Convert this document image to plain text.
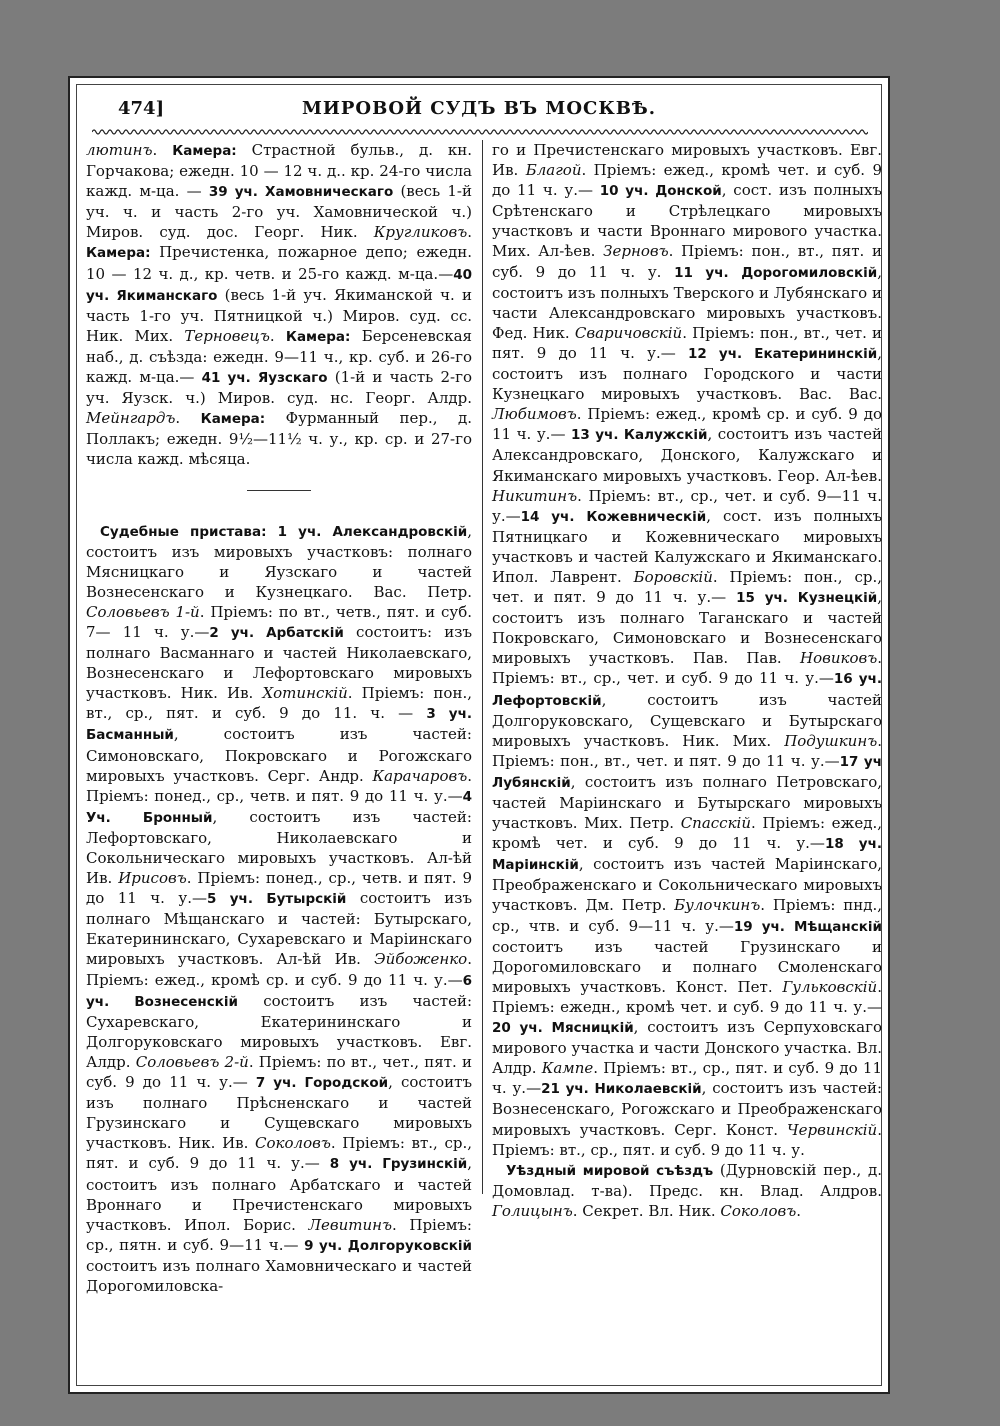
474]	МИРОВОЙ СУДЪ ВЪ МОСКВѢ.

лютинъ. Камера: Страстной бульв., д. кн. Горчакова; ежедн. 10 — 12 ч. д.. кр. 24-го числа кажд. м-ца. — 39 уч. Хамовническаго (весь 1-й уч. ч. и часть 2-го уч. Хамовнической ч.) Миров. суд. дос. Георг. Ник. Кругликовъ. Камера: Пречистенка, пожарное депо; ежедн. 10 — 12 ч. д., кр. четв. и 25-го кажд. м-ца.—40 уч. Якиманскаго (весь 1-й уч. Якиманской ч. и часть 1-го уч. Пятницкой ч.) Миров. суд. сс. Ник. Мих. Терновецъ. Камера: Берсеневская наб., д. съѣзда: ежедн. 9—11 ч., кр. суб. и 26-го кажд. м-ца.— 41 уч. Яузскаго (1-й и часть 2-го уч. Яузск. ч.) Миров. суд. нс. Георг. Алдр. Мейнгардъ. Камера: Фурманный пер., д. Поллакъ; ежедн. 9½—11½ ч. у., кр. ср. и 27-го числа кажд. мѣсяца.

Судебные пристава: 1 уч. Александровскій, состоитъ изъ мировыхъ участковъ: полнаго Мясницкаго и Яузскаго и частей Вознесенскаго и Кузнецкаго. Вас. Петр. Соловьевъ 1-й. Пріемъ: по вт., четв., пят. и суб. 7— 11 ч. у.—2 уч. Арбатскій состоитъ: изъ полнаго Васманнаго и частей Николаевскаго, Вознесенскаго и Лефортовскаго мировыхъ участковъ. Ник. Ив. Хотинскій. Пріемъ: пон., вт., ср., пят. и суб. 9 до 11. ч. — 3 уч. Басманный, состоитъ изъ частей: Симоновскаго, Покровскаго и Рогожскаго мировыхъ участковъ. Серг. Андр. Карачаровъ. Пріемъ: понед., ср., четв. и пят. 9 до 11 ч. у.—4 Уч. Бронный, состоитъ изъ частей: Лефортовскаго, Николаевскаго и Сокольническаго мировыхъ участковъ. Ал-ѣй Ив. Ирисовъ. Пріемъ: понед., ср., четв. и пят. 9 до 11 ч. у.—5 уч. Бутырскій состоитъ изъ полнаго Мѣщанскаго и частей: Бутырскаго, Екатерининскаго, Сухаревскаго и Маріинскаго мировыхъ участковъ. Ал-ѣй Ив. Эйбоженко. Пріемъ: ежед., кромѣ ср. и суб. 9 до 11 ч. у.—6 уч. Вознесенскій состоитъ изъ частей: Сухаревскаго, Екатерининскаго и Долгоруковскаго мировыхъ участковъ. Евг. Алдр. Соловьевъ 2-й. Пріемъ: по вт., чет., пят. и суб. 9 до 11 ч. у.— 7 уч. Городской, состоитъ изъ полнаго Прѣсненскаго и частей Грузинскаго и Сущевскаго мировыхъ участковъ. Ник. Ив. Соколовъ. Пріемъ: вт., ср., пят. и суб. 9 до 11 ч. у.— 8 уч. Грузинскій, состоитъ изъ полнаго Арбатскаго и частей Вроннаго и Пречистенскаго мировыхъ участковъ. Ипол. Борис. Левитинъ. Пріемъ: ср., пятн. и суб. 9—11 ч.— 9 уч. Долгоруковскій состоитъ изъ полнаго Хамовническаго и частей Дорогомиловска-

го и Пречистенскаго мировыхъ участковъ. Евг. Ив. Благой. Пріемъ: ежед., кромѣ чет. и суб. 9 до 11 ч. у.— 10 уч. Донской, сост. изъ полныхъ Срѣтенскаго и Стрѣлецкаго мировыхъ участковъ и части Вроннаго мирового участка. Мих. Ал-ѣев. Зерновъ. Пріемъ: пон., вт., пят. и суб. 9 до 11 ч. у. 11 уч. Дорогомиловскій, состоитъ изъ полныхъ Тверского и Лубянскаго и части Александровскаго мировыхъ участковъ. Фед. Ник. Сваричовскій. Пріемъ: пон., вт., чет. и пят. 9 до 11 ч. у.— 12 уч. Екатерининскій, состоитъ изъ полнаго Городского и части Кузнецкаго мировыхъ участковъ. Вас. Вас. Любимовъ. Пріемъ: ежед., кромѣ ср. и суб. 9 до 11 ч. у.— 13 уч. Калужскій, состоитъ изъ частей Александровскаго, Донского, Калужскаго и Якиманскаго мировыхъ участковъ. Геор. Ал-ѣев. Никитинъ. Пріемъ: вт., ср., чет. и суб. 9—11 ч. у.—14 уч. Кожевническій, сост. изъ полныхъ Пятницкаго и Кожевническаго мировыхъ участковъ и частей Калужскаго и Якиманскаго. Ипол. Лаврент. Боровскій. Пріемъ: пон., ср., чет. и пят. 9 до 11 ч. у.— 15 уч. Кузнецкій, состоитъ изъ полнаго Таганскаго и частей Покровскаго, Симоновскаго и Вознесенскаго мировыхъ участковъ. Пав. Пав. Новиковъ. Пріемъ: вт., ср., чет. и суб. 9 до 11 ч. у.—16 уч. Лефортовскій, состоитъ изъ частей Долгоруковскаго, Сущевскаго и Бутырскаго мировыхъ участковъ. Ник. Мих. Подушкинъ. Пріемъ: пон., вт., чет. и пят. 9 до 11 ч. у.—17 уч Лубянскій, состоитъ изъ полнаго Петровскаго, частей Маріинскаго и Бутырскаго мировыхъ участковъ. Мих. Петр. Спасскій. Пріемъ: ежед., кромѣ чет. и суб. 9 до 11 ч. у.—18 уч. Маріинскій, состоитъ изъ частей Маріинскаго, Преображенскаго и Сокольническаго мировыхъ участковъ. Дм. Петр. Булочкинъ. Пріемъ: пнд., ср., чтв. и суб. 9—11 ч. у.—19 уч. Мѣщанскій состоитъ изъ частей Грузинскаго и Дорогомиловскаго и полнаго Смоленскаго мировыхъ участковъ. Конст. Пет. Гульковскій. Пріемъ: ежедн., кромѣ чет. и суб. 9 до 11 ч. у.—20 уч. Мясницкій, состоитъ изъ Серпуховскаго мирового участка и части Донского участка. Вл. Алдр. Кампе. Пріемъ: вт., ср., пят. и суб. 9 до 11 ч. у.—21 уч. Николаевскій, состоитъ изъ частей: Вознесенскаго, Рогожскаго и Преображенскаго мировыхъ участковъ. Серг. Конст. Червинскій. Пріемъ: вт., ср., пят. и суб. 9 до 11 ч. у.

Уѣздный мировой съѣздъ (Дурновскій пер., д. Домовлад. т-ва). Предс. кн. Влад. Алдров. Голицынъ. Секрет. Вл. Ник. Соколовъ.
